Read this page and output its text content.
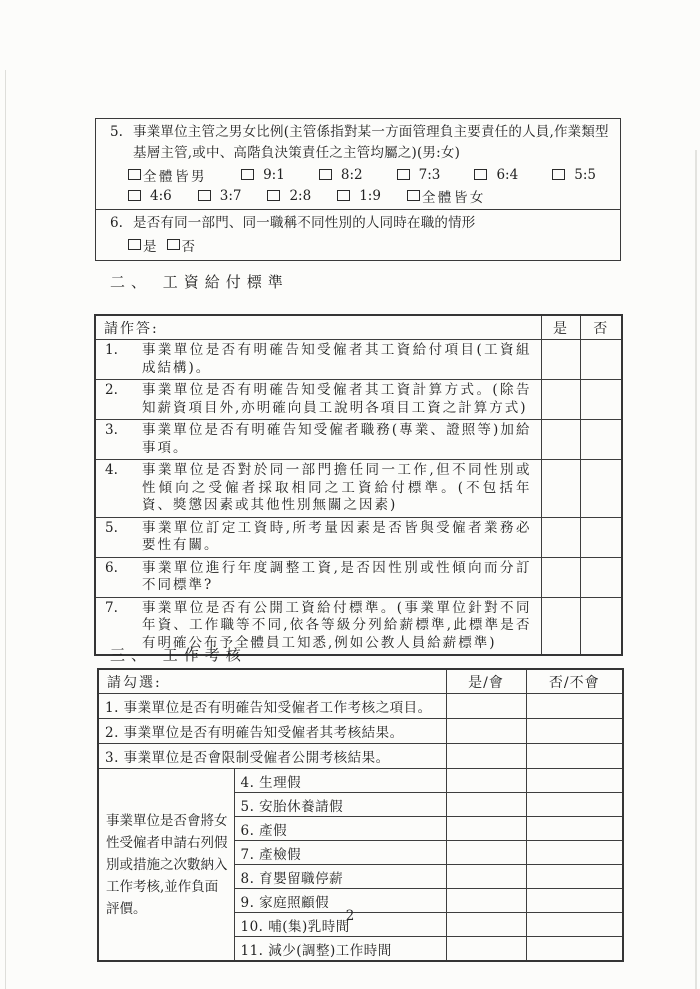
5. 事業單位主管之男女比例(主管係指對某一方面管理負主要責任的人員,作業類型基層主管,或中、高階負決策責任之主管均屬之)(男:女)
全體皆男	9:1	8:2	7:3	6:4	5:5
4:6	3:7	2:8	1:9	全體皆女
6. 是否有同一部門、同一職稱不同性別的人同時在職的情形
是 否
二、 工資給付標準
請作答:	是	否

1. 事業單位是否有明確告知受僱者其工資給付項目(工資組成結構)。		

2. 事業單位是否有明確告知受僱者其工資計算方式。(除告知薪資項目外,亦明確向員工說明各項目工資之計算方式)		

3. 事業單位是否有明確告知受僱者職務(專業、證照等)加給事項。		

4. 事業單位是否對於同一部門擔任同一工作,但不同性別或性傾向之受僱者採取相同之工資給付標準。(不包括年資、獎懲因素或其他性別無關之因素)		

5. 事業單位訂定工資時,所考量因素是否皆與受僱者業務必要性有關。		

6. 事業單位進行年度調整工資,是否因性別或性傾向而分訂不同標準?		

7. 事業單位是否有公開工資給付標準。(事業單位針對不同年資、工作職等不同,依各等級分列給薪標準,此標準是否有明確公布予全體員工知悉,例如公教人員給薪標準)		
三、 工作考核
請勾選:		是/會	否/不會
1. 事業單位是否有明確告知受僱者工作考核之項目。			
2. 事業單位是否有明確告知受僱者其考核結果。			
3. 事業單位是否會限制受僱者公開考核結果。			
事業單位是否會將女性受僱者申請右列假別或措施之次數納入工作考核,並作負面評價。	4. 生理假		
	5. 安胎休養請假		
	6. 產假		
	7. 產檢假		
	8. 育嬰留職停薪		
	9. 家庭照顧假		
	10. 哺(集)乳時間		
	11. 減少(調整)工作時間		
2
